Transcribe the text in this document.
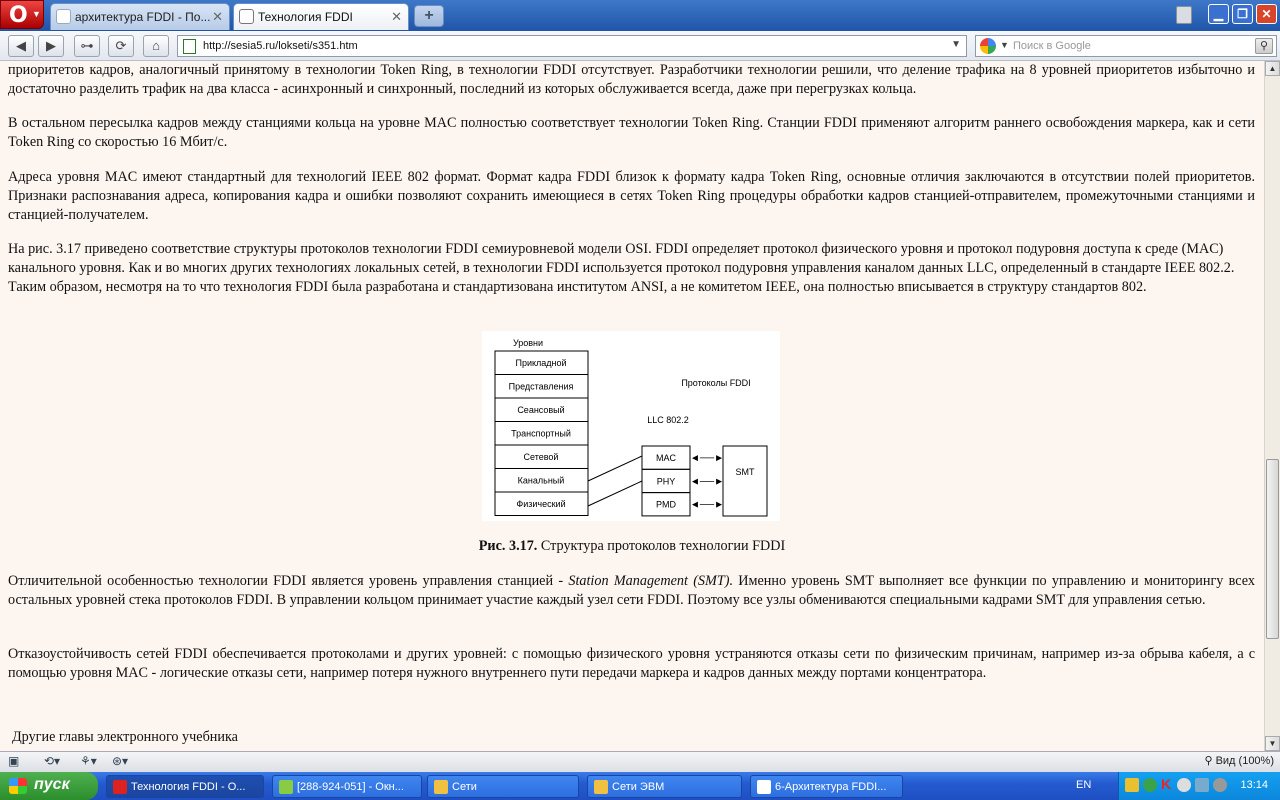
O ▼	архитектура FDDI - По... ✕	Технология FDDI	✕	+	▁	❐	✕
◀	▶	⊶	⟳	⌂	http://sesia5.ru/lokseti/s351.htm	▼	▼ Поиск в Google	⚲

приоритетов кадров, аналогичный принятому в технологии Token Ring, в технологии FDDI отсутствует. Разработчики технологии решили, что деление трафика на 8 уровней приоритетов избыточно и достаточно разделить трафик на два класса - асинхронный и синхронный, последний из которых обслуживается всегда, даже при перегрузках кольца.

В остальном пересылка кадров между станциями кольца на уровне MAC полностью соответствует технологии Token Ring. Станции FDDI применяют алгоритм раннего освобождения маркера, как и сети Token Ring со скоростью 16 Мбит/с.

Адреса уровня MAC имеют стандартный для технологий IEEE 802 формат. Формат кадра FDDI близок к формату кадра Token Ring, основные отличия заключаются в отсутствии полей приоритетов. Признаки распознавания адреса, копирования кадра и ошибки позволяют сохранить имеющиеся в сетях Token Ring процедуры обработки кадров станцией-отправителем, промежуточными станциями и станцией-получателем.

На рис. 3.17 приведено соответствие структуры протоколов технологии FDDI семиуровневой модели OSI. FDDI определяет протокол физического уровня и протокол подуровня доступа к среде (MAC) канального уровня. Как и во многих других технологиях локальных сетей, в технологии FDDI используется протокол подуровня управления каналом данных LLC, определенный в стандарте IEEE 802.2. Таким образом, несмотря на то что технология FDDI была разработана и стандартизована институтом ANSI, а не комитетом IEEE, она полностью вписывается в структуру стандартов 802.

Уровни
Прикладной
Представления
Сеансовый
Транспортный
Сетевой
Канальный
Физический
Протоколы FDDI
LLC 802.2
MAC
PHY
PMD
SMT
◄──►
◄──►
◄──►
Рис. 3.17. Структура протоколов технологии FDDI

Отличительной особенностью технологии FDDI является уровень управления станцией - Station Management (SMT). Именно уровень SMT выполняет все функции по управлению и мониторингу всех остальных уровней стека протоколов FDDI. В управлении кольцом принимает участие каждый узел сети FDDI. Поэтому все узлы обмениваются специальными кадрами SMT для управления сетью.

Отказоустойчивость сетей FDDI обеспечивается протоколами и других уровней: с помощью физического уровня устраняются отказы сети по физическим причинам, например из-за обрыва кабеля, а с помощью уровня MAC - логические отказы сети, например потеря нужного внутреннего пути передачи маркера и кадров данных между портами концентратора.

Другие главы электронного учебника

▲
▼
▣ ⟲▾ ⚘▾ ⊛▾	⚲ Вид (100%)
пуск	Технология FDDI - O...	[288-924-051] - Окн...	Сети	Сети ЭВМ	6-Архитектура FDDI...	EN	K	13:14
